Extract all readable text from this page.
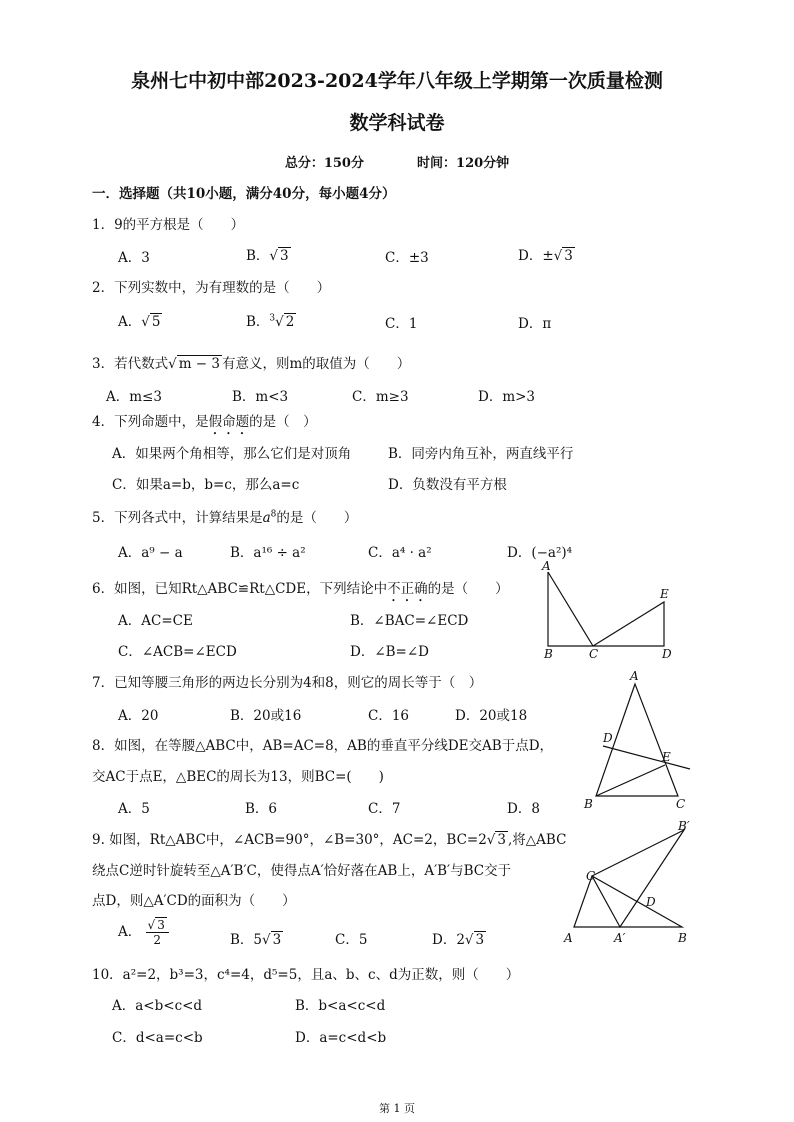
泉州七中初中部2023-2024学年八年级上学期第一次质量检测
数学科试卷
总分：150分	时间：120分钟
一．选择题（共10小题，满分40分，每小题4分）
1．9的平方根是（　　）
A．3	B．√ 3	C．±3	D．±√ 3
2．下列实数中，为有理数的是（　　）
A．√ 5	B．$^3$√ 2	C．1	D．π
3．若代数式√ m − 3 有意义，则m的取值为（　　）
A．m≤3	B．m<3	C．m≥3	D．m>3
4．下列命题中，是假命题的是（　）
A．如果两个角相等，那么它们是对顶角	B．同旁内角互补，两直线平行
C．如果a=b，b=c，那么a=c	D．负数没有平方根
5．下列各式中，计算结果是$a^8$的是（　　）
A．a⁹ − a	B．a¹⁶ ÷ a²	C．a⁴ · a²	D．(−a²)⁴
6．如图，已知Rt△ABC≌Rt△CDE，下列结论中不正确的是（　　）
A．AC=CE	B．∠BAC=∠ECD
C．∠ACB=∠ECD	D．∠B=∠D
A
E
B	C	D
7．已知等腰三角形的两边长分别为4和8，则它的周长等于（　）
A．20	B．20或16	C．16	D．20或18
8．如图，在等腰△ABC中，AB=AC=8，AB的垂直平分线DE交AB于点D，
交AC于点E，△BEC的周长为13，则BC=(　　)
A．5	B．6	C．7	D．8
A
D
E
B	C
9. 如图，Rt△ABC中，∠ACB=90°，∠B=30°，AC=2，BC=2√ 3 ,将△ABC
绕点C逆时针旋转至△A′B′C，使得点A′恰好落在AB上，A′B′与BC交于
点D，则△A′CD的面积为（　　）
A． $\frac{√ 3}{2}$	B．5√ 3	C．5	D．2√ 3
B′
C
D
A	A′	B
10．a²=2，b³=3，c⁴=4，d⁵=5，且a、b、c、d为正数，则（　　）
A．a<b<c<d	B．b<a<c<d
C．d<a=c<b	D．a=c<d<b
第 1 页
